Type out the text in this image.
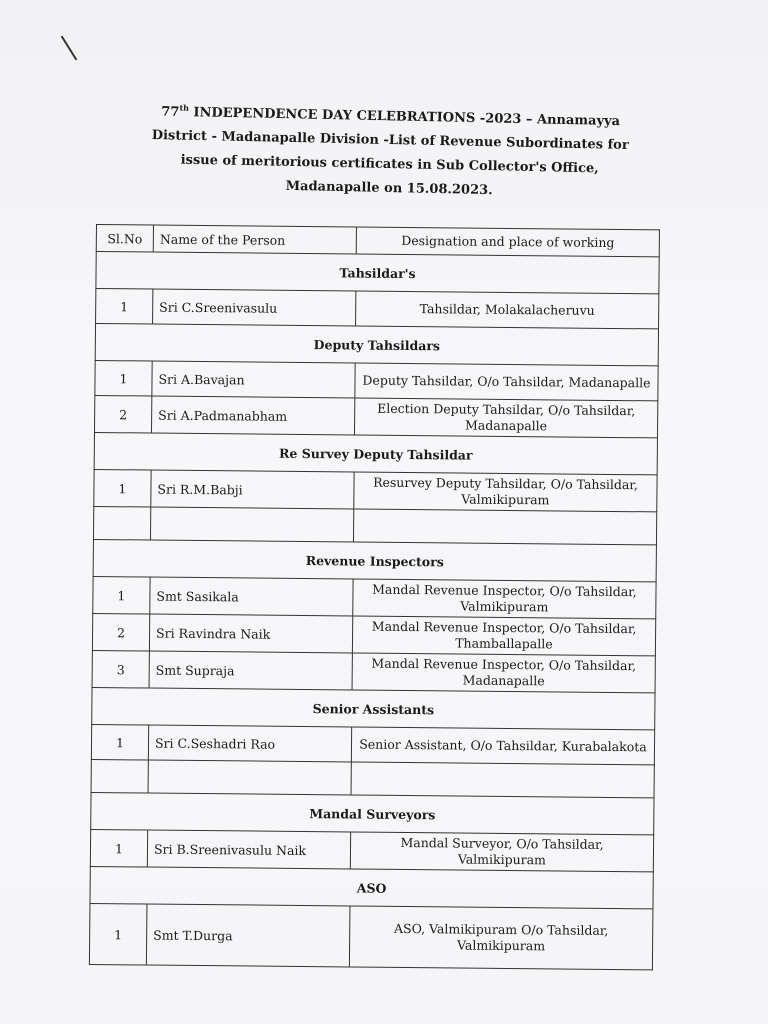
77th INDEPENDENCE DAY CELEBRATIONS -2023 – Annamayya District - Madanapalle Division -List of Revenue Subordinates for issue of meritorious certificates in Sub Collector's Office, Madanapalle on 15.08.2023.
Sl.No	Name of the Person	Designation and place of working
Tahsildar's		
1	Sri C.Sreenivasulu	Tahsildar, Molakalacheruvu
Deputy Tahsildars		
1	Sri A.Bavajan	Deputy Tahsildar, O/o Tahsildar, Madanapalle
2	Sri A.Padmanabham	Election Deputy Tahsildar, O/o Tahsildar, Madanapalle
Re Survey Deputy Tahsildar		
1	Sri R.M.Babji	Resurvey Deputy Tahsildar, O/o Tahsildar, Valmikipuram

Revenue Inspectors		
1	Smt Sasikala	Mandal Revenue Inspector, O/o Tahsildar, Valmikipuram
2	Sri Ravindra Naik	Mandal Revenue Inspector, O/o Tahsildar, Thamballapalle
3	Smt Supraja	Mandal Revenue Inspector, O/o Tahsildar, Madanapalle
Senior Assistants		
1	Sri C.Seshadri Rao	Senior Assistant, O/o Tahsildar, Kurabalakota

Mandal Surveyors		
1	Sri B.Sreenivasulu Naik	Mandal Surveyor, O/o Tahsildar, Valmikipuram
ASO		
1	Smt T.Durga	ASO, Valmikipuram O/o Tahsildar, Valmikipuram
